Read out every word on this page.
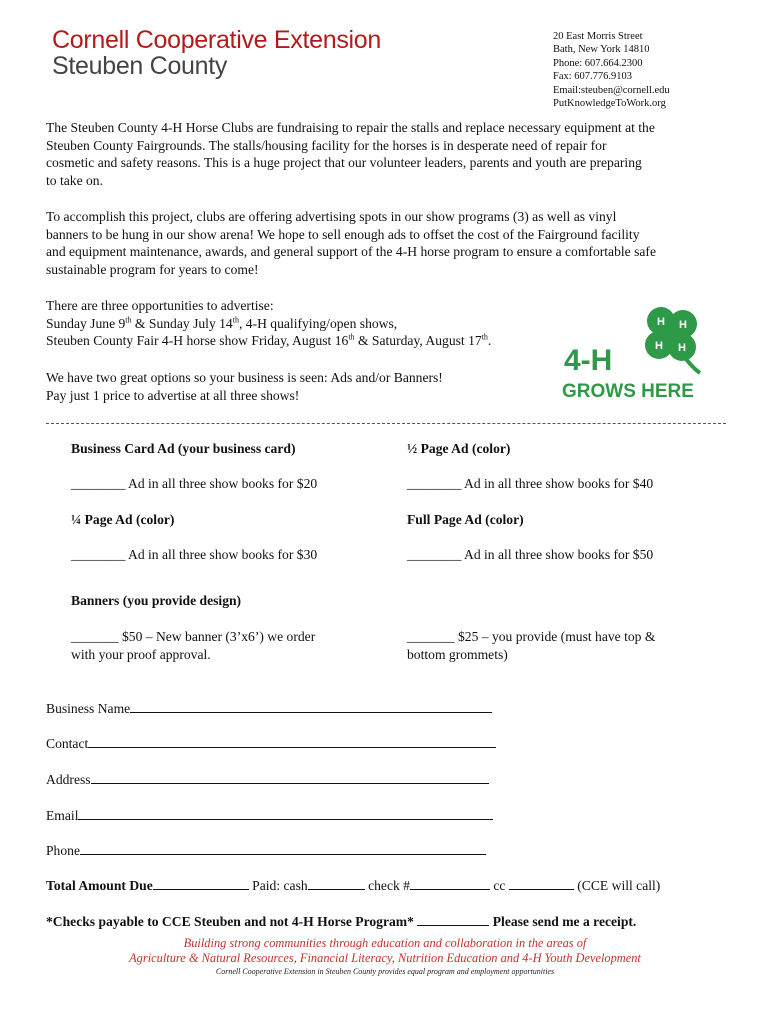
Cornell Cooperative Extension
Steuben County
20 East Morris Street
Bath, New York 14810
Phone: 607.664.2300
Fax: 607.776.9103
Email:steuben@cornell.edu
PutKnowledgeToWork.org
The Steuben County 4-H Horse Clubs are fundraising to repair the stalls and replace necessary equipment at the
Steuben County Fairgrounds. The stalls/housing facility for the horses is in desperate need of repair for
cosmetic and safety reasons. This is a huge project that our volunteer leaders, parents and youth are preparing
to take on.
To accomplish this project, clubs are offering advertising spots in our show programs (3) as well as vinyl
banners to be hung in our show arena! We hope to sell enough ads to offset the cost of the Fairground facility
and equipment maintenance, awards, and general support of the 4-H horse program to ensure a comfortable safe
sustainable program for years to come!
There are three opportunities to advertise:
Sunday June 9th & Sunday July 14th, 4-H qualifying/open shows,
Steuben County Fair 4-H horse show Friday, August 16th & Saturday, August 17th.
We have two great options so your business is seen: Ads and/or Banners!
Pay just 1 price to advertise at all three shows!
H H
H H
4-H
GROWS HERE
Business Card Ad (your business card)	½ Page Ad (color)
________ Ad in all three show books for $20	________ Ad in all three show books for $40
¼ Page Ad (color)	Full Page Ad (color)
________ Ad in all three show books for $30	________ Ad in all three show books for $50
Banners (you provide design)
_______ $50 – New banner (3’x6’) we order
with your proof approval.
_______ $25 – you provide (must have top &
bottom grommets)
Business Name
Contact
Address
Email
Phone
Total Amount Due	Paid: cash	check #	cc	(CCE will call)
*Checks payable to CCE Steuben and not 4-H Horse Program*	Please send me a receipt.
Building strong communities through education and collaboration in the areas of
Agriculture & Natural Resources, Financial Literacy, Nutrition Education and 4-H Youth Development
Cornell Cooperative Extension in Steuben County provides equal program and employment opportunities
